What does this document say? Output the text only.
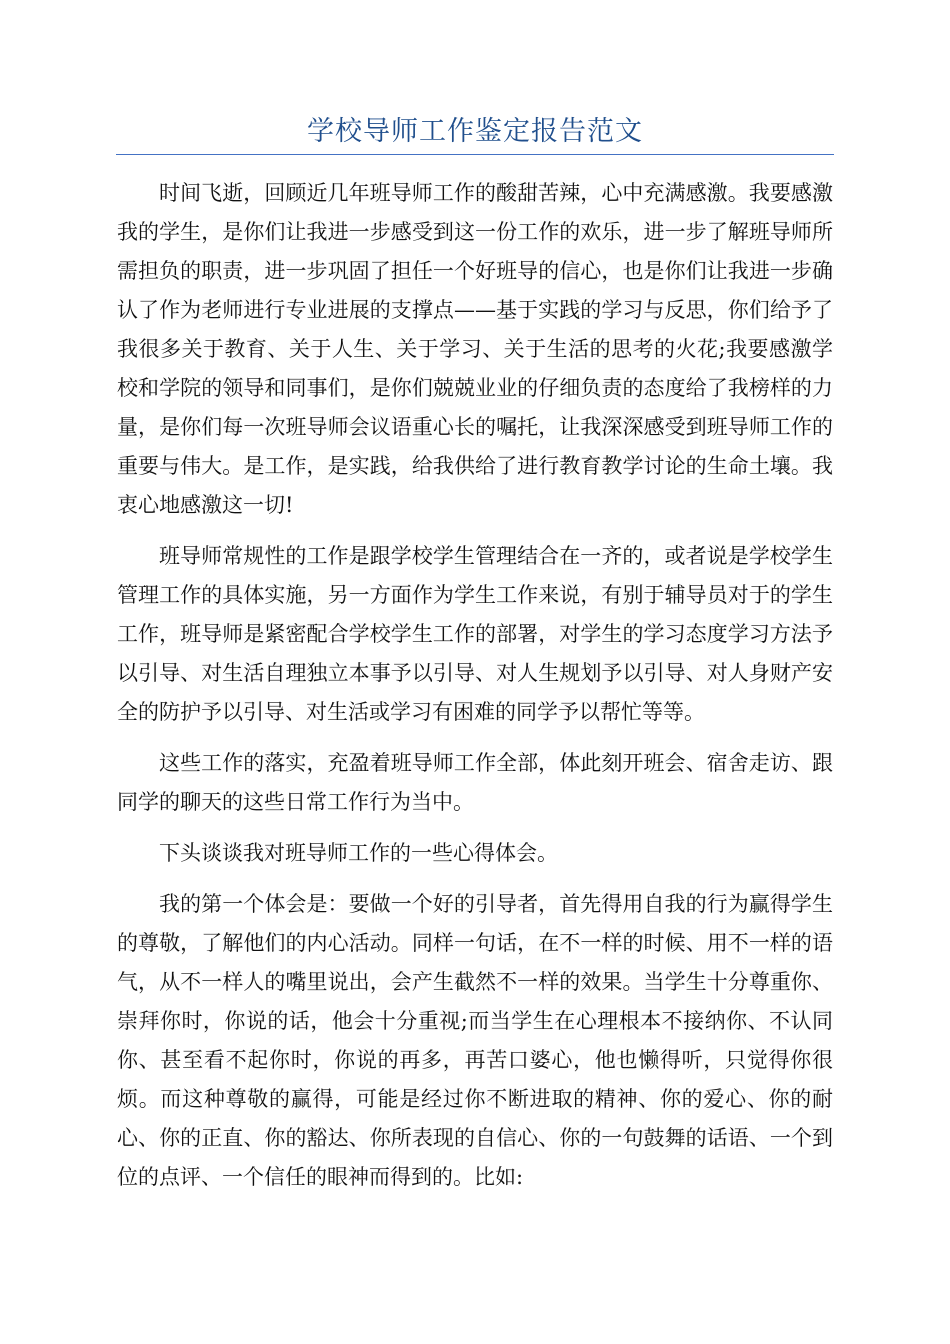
学校导师工作鉴定报告范文

时间飞逝，回顾近几年班导师工作的酸甜苦辣，心中充满感激。我要感激我的学生，是你们让我进一步感受到这一份工作的欢乐，进一步了解班导师所需担负的职责，进一步巩固了担任一个好班导的信心，也是你们让我进一步确认了作为老师进行专业进展的支撑点——基于实践的学习与反思，你们给予了我很多关于教育、关于人生、关于学习、关于生活的思考的火花;我要感激学校和学院的领导和同事们，是你们兢兢业业的仔细负责的态度给了我榜样的力量，是你们每一次班导师会议语重心长的嘱托，让我深深感受到班导师工作的重要与伟大。是工作，是实践，给我供给了进行教育教学讨论的生命土壤。我衷心地感激这一切!

班导师常规性的工作是跟学校学生管理结合在一齐的，或者说是学校学生管理工作的具体实施，另一方面作为学生工作来说，有别于辅导员对于的学生工作，班导师是紧密配合学校学生工作的部署，对学生的学习态度学习方法予以引导、对生活自理独立本事予以引导、对人生规划予以引导、对人身财产安全的防护予以引导、对生活或学习有困难的同学予以帮忙等等。

这些工作的落实，充盈着班导师工作全部，体此刻开班会、宿舍走访、跟同学的聊天的这些日常工作行为当中。

下头谈谈我对班导师工作的一些心得体会。

我的第一个体会是：要做一个好的引导者，首先得用自我的行为赢得学生的尊敬，了解他们的内心活动。同样一句话，在不一样的时候、用不一样的语气，从不一样人的嘴里说出，会产生截然不一样的效果。当学生十分尊重你、崇拜你时，你说的话，他会十分重视;而当学生在心理根本不接纳你、不认同你、甚至看不起你时，你说的再多，再苦口婆心，他也懒得听，只觉得你很烦。而这种尊敬的赢得，可能是经过你不断进取的精神、你的爱心、你的耐心、你的正直、你的豁达、你所表现的自信心、你的一句鼓舞的话语、一个到位的点评、一个信任的眼神而得到的。比如:
